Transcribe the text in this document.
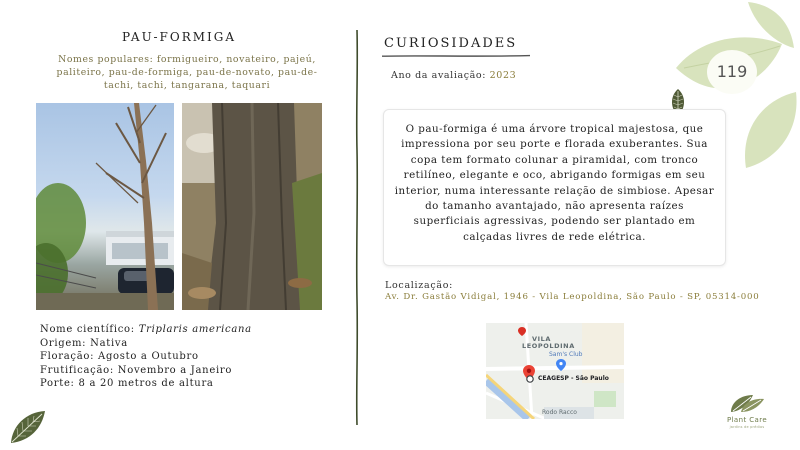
119
PAU-FORMIGA
Nomes populares: formigueiro, novateiro, pajeú, paliteiro, pau-de-formiga, pau-de-novato, pau-de-tachi, tachi, tangarana, taquari
Nome científico: Triplaris americana
Origem: Nativa
Floração: Agosto a Outubro
Frutificação: Novembro a Janeiro
Porte: 8 a 20 metros de altura
CURIOSIDADES
Ano da avaliação: 2023

O pau-formiga é uma árvore tropical majestosa, que impressiona por seu porte e florada exuberantes. Sua copa tem formato colunar a piramidal, com tronco retilíneo, elegante e oco, abrigando formigas em seu interior, numa interessante relação de simbiose. Apesar do tamanho avantajado, não apresenta raízes superficiais agressivas, podendo ser plantado em calçadas livres de rede elétrica.

Localização:
Av. Dr. Gastão Vidigal, 1946 - Vila Leopoldina, São Paulo - SP, 05314-000
VILA
LEOPOLDINA
Sam's Club
CEAGESP - São Paulo
Rodo Racco
Plant Care
jardins de prédios
